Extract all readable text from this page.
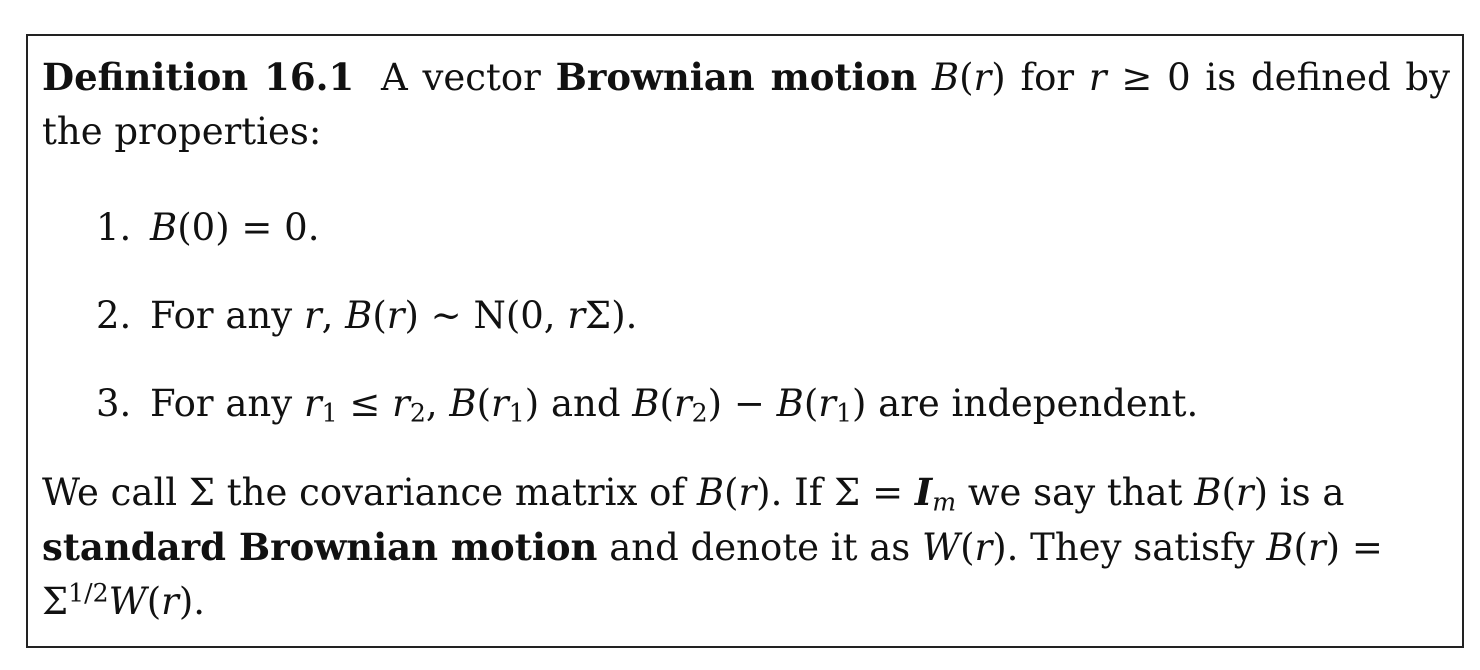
Definition 16.1 A vector Brownian motion B(r) for r ≥ 0 is defined by the properties:

1. B(0) = 0.
2. For any r, B(r) ~ N(0, rΣ).
3. For any $r_1 \le r_2$, $B(r_1)$ and $B(r_2) - B(r_1)$ are independent.

We call Σ the covariance matrix of B(r). If $\Sigma = I_m$ we say that B(r) is a standard Brownian motion and denote it as W(r). They satisfy $B(r) = \Sigma^{1/2}W(r)$.
